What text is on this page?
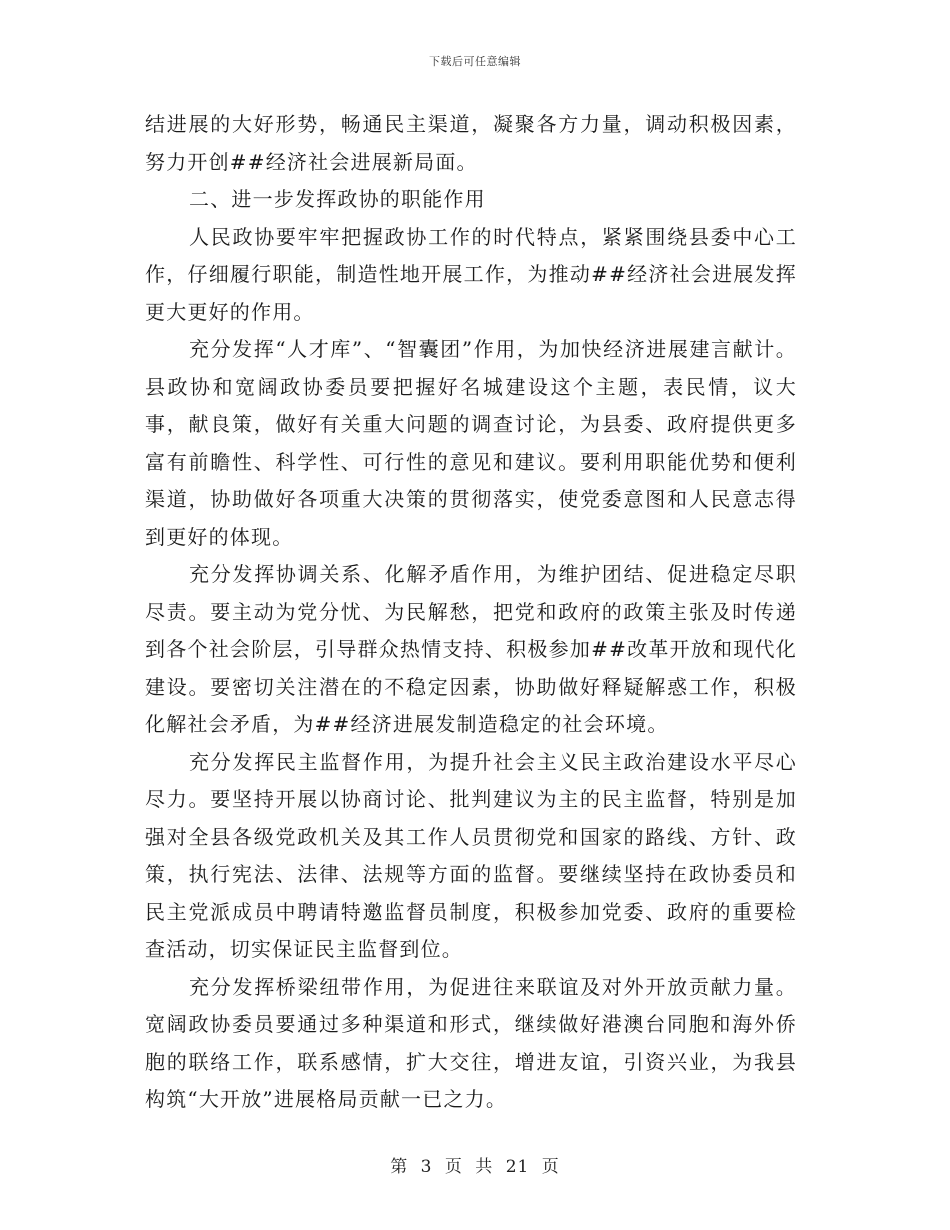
下载后可任意编辑

结进展的大好形势，畅通民主渠道，凝聚各方力量，调动积极因素，努力开创##经济社会进展新局面。

二、进一步发挥政协的职能作用

人民政协要牢牢把握政协工作的时代特点，紧紧围绕县委中心工作，仔细履行职能，制造性地开展工作，为推动##经济社会进展发挥更大更好的作用。

充分发挥“人才库”、“智囊团”作用，为加快经济进展建言献计。县政协和宽阔政协委员要把握好名城建设这个主题，表民情，议大事，献良策，做好有关重大问题的调查讨论，为县委、政府提供更多富有前瞻性、科学性、可行性的意见和建议。要利用职能优势和便利渠道，协助做好各项重大决策的贯彻落实，使党委意图和人民意志得到更好的体现。

充分发挥协调关系、化解矛盾作用，为维护团结、促进稳定尽职尽责。要主动为党分忧、为民解愁，把党和政府的政策主张及时传递到各个社会阶层，引导群众热情支持、积极参加##改革开放和现代化建设。要密切关注潜在的不稳定因素，协助做好释疑解惑工作，积极化解社会矛盾，为##经济进展发制造稳定的社会环境。

充分发挥民主监督作用，为提升社会主义民主政治建设水平尽心尽力。要坚持开展以协商讨论、批判建议为主的民主监督，特别是加强对全县各级党政机关及其工作人员贯彻党和国家的路线、方针、政策，执行宪法、法律、法规等方面的监督。要继续坚持在政协委员和民主党派成员中聘请特邀监督员制度，积极参加党委、政府的重要检查活动，切实保证民主监督到位。

充分发挥桥梁纽带作用，为促进往来联谊及对外开放贡献力量。宽阔政协委员要通过多种渠道和形式，继续做好港澳台同胞和海外侨胞的联络工作，联系感情，扩大交往，增进友谊，引资兴业，为我县构筑“大开放”进展格局贡献一已之力。

第 3 页 共 21 页
